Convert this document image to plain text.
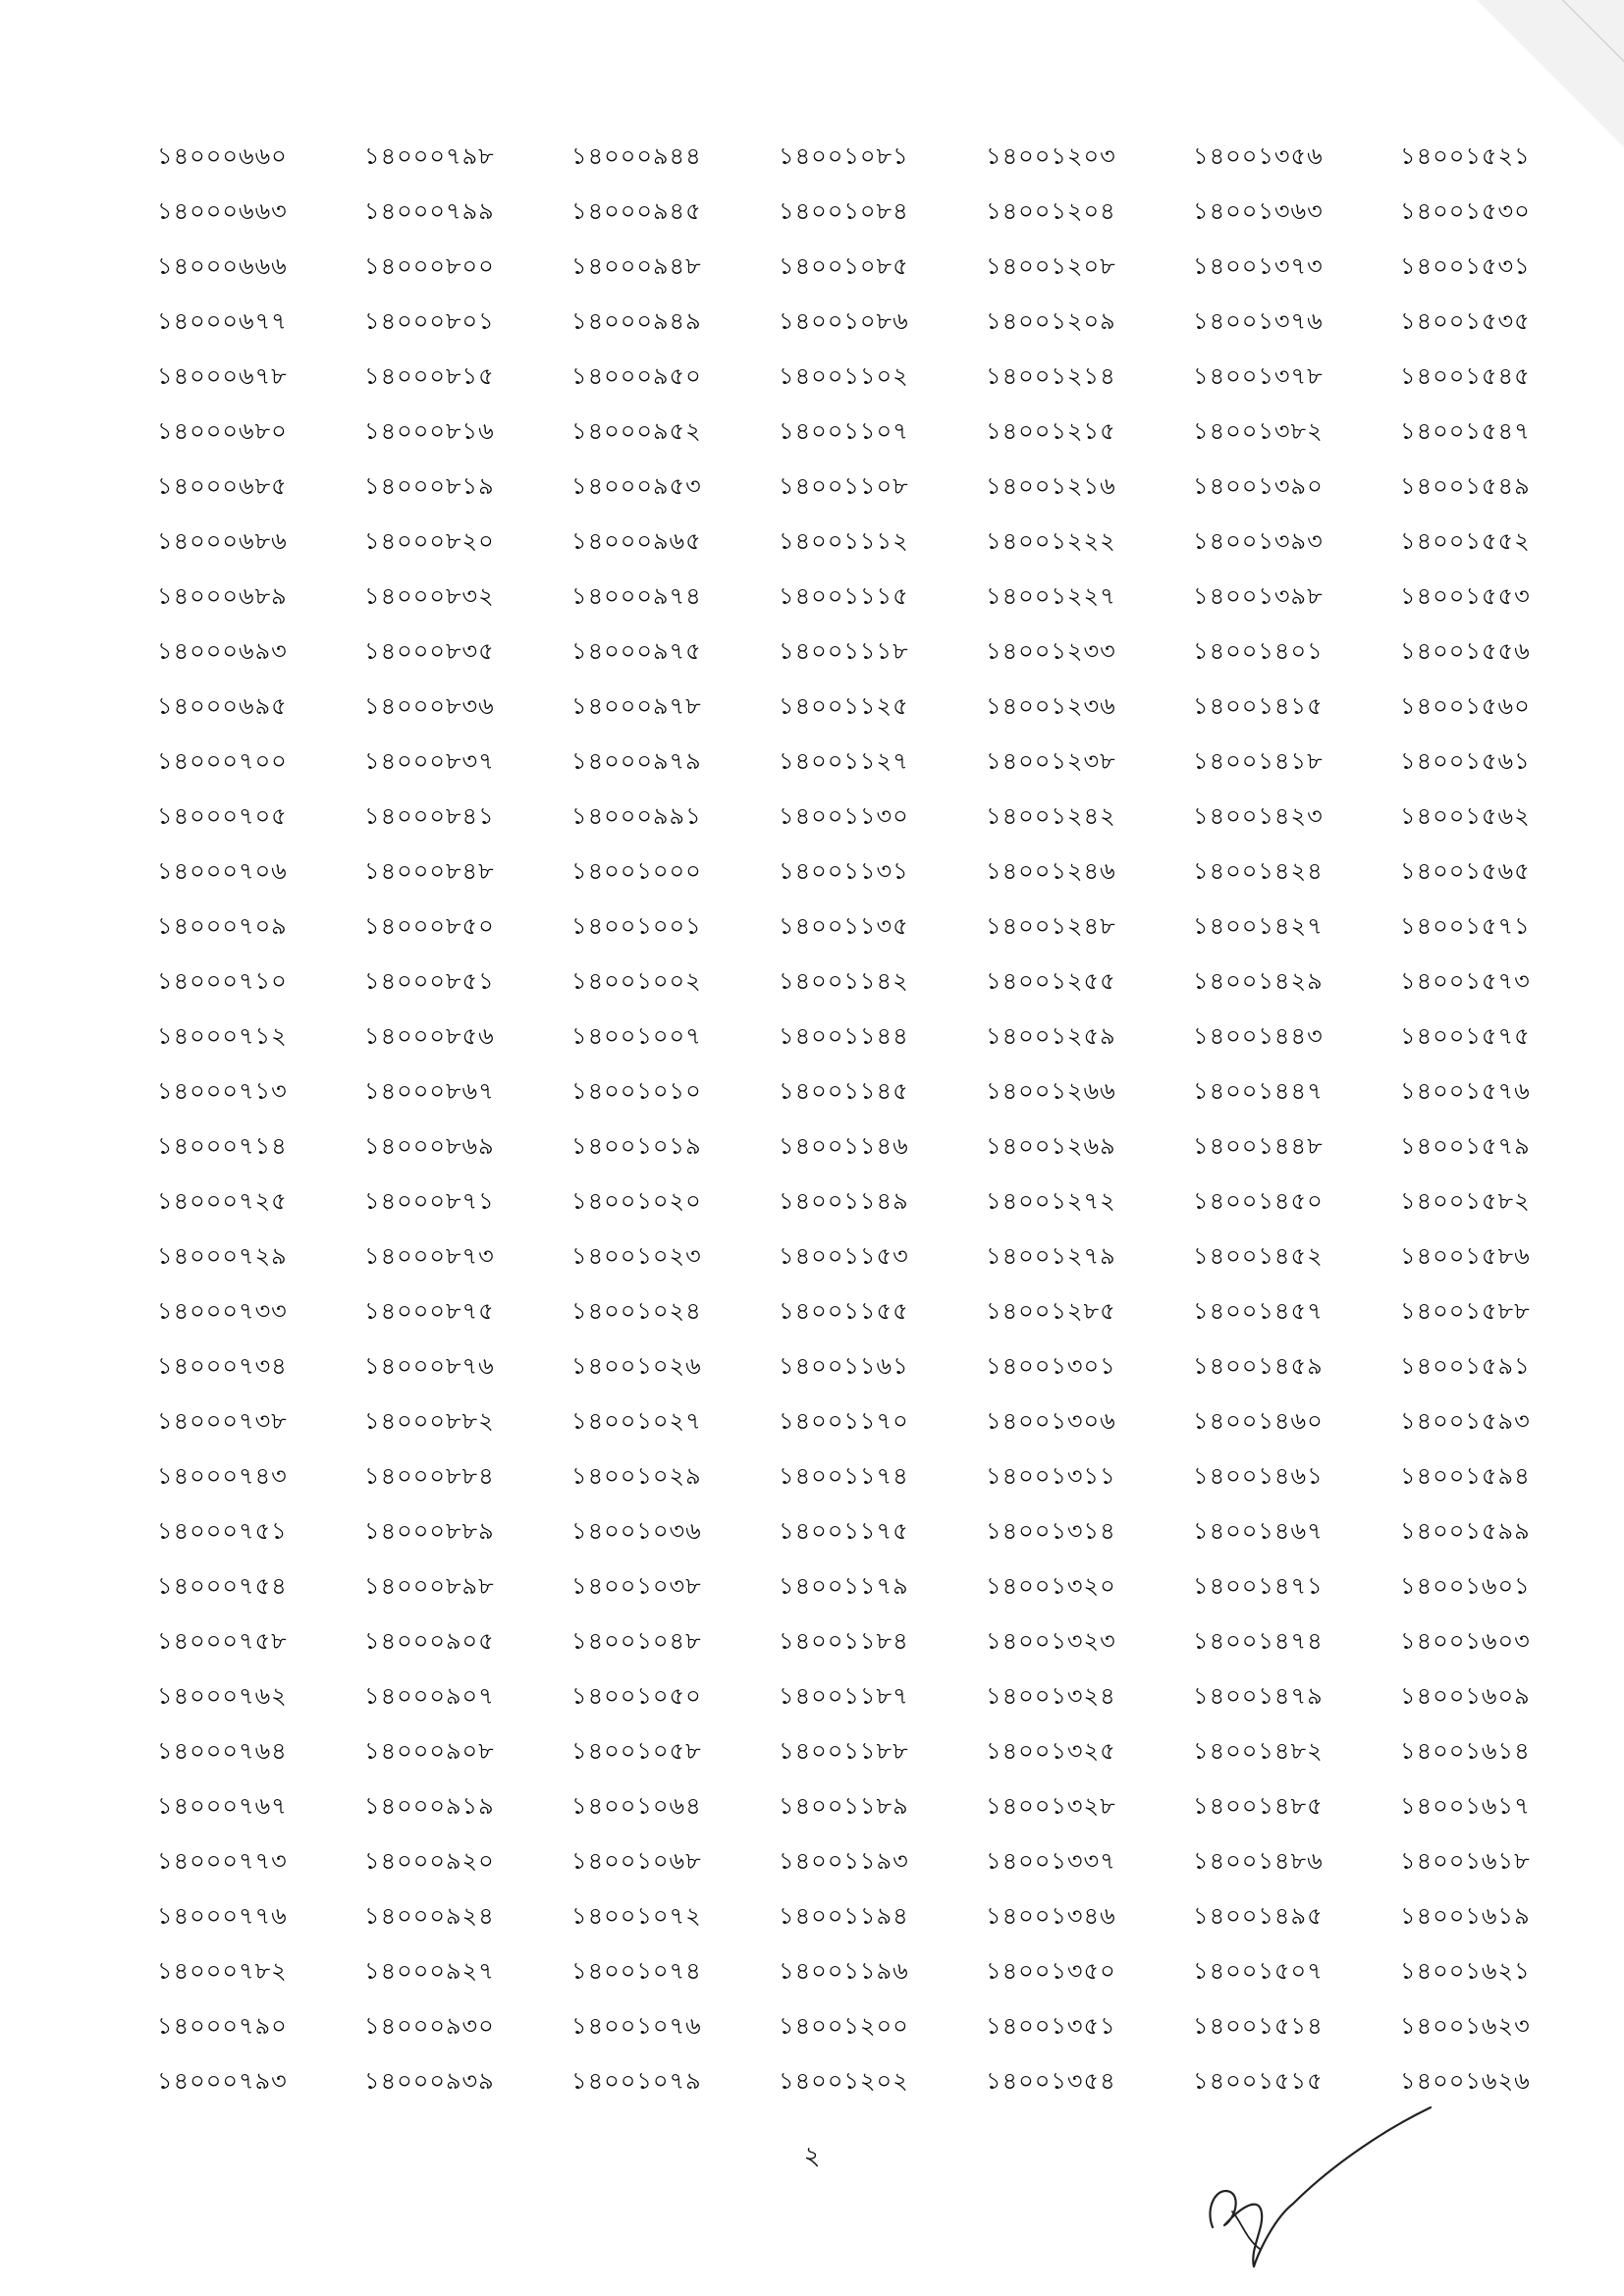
১৪০০০৬৬০	১৪০০০৭৯৮	১৪০০০৯৪৪	১৪০০১০৮১	১৪০০১২০৩	১৪০০১৩৫৬	১৪০০১৫২১
১৪০০০৬৬৩	১৪০০০৭৯৯	১৪০০০৯৪৫	১৪০০১০৮৪	১৪০০১২০৪	১৪০০১৩৬৩	১৪০০১৫৩০
১৪০০০৬৬৬	১৪০০০৮০০	১৪০০০৯৪৮	১৪০০১০৮৫	১৪০০১২০৮	১৪০০১৩৭৩	১৪০০১৫৩১
১৪০০০৬৭৭	১৪০০০৮০১	১৪০০০৯৪৯	১৪০০১০৮৬	১৪০০১২০৯	১৪০০১৩৭৬	১৪০০১৫৩৫
১৪০০০৬৭৮	১৪০০০৮১৫	১৪০০০৯৫০	১৪০০১১০২	১৪০০১২১৪	১৪০০১৩৭৮	১৪০০১৫৪৫
১৪০০০৬৮০	১৪০০০৮১৬	১৪০০০৯৫২	১৪০০১১০৭	১৪০০১২১৫	১৪০০১৩৮২	১৪০০১৫৪৭
১৪০০০৬৮৫	১৪০০০৮১৯	১৪০০০৯৫৩	১৪০০১১০৮	১৪০০১২১৬	১৪০০১৩৯০	১৪০০১৫৪৯
১৪০০০৬৮৬	১৪০০০৮২০	১৪০০০৯৬৫	১৪০০১১১২	১৪০০১২২২	১৪০০১৩৯৩	১৪০০১৫৫২
১৪০০০৬৮৯	১৪০০০৮৩২	১৪০০০৯৭৪	১৪০০১১১৫	১৪০০১২২৭	১৪০০১৩৯৮	১৪০০১৫৫৩
১৪০০০৬৯৩	১৪০০০৮৩৫	১৪০০০৯৭৫	১৪০০১১১৮	১৪০০১২৩৩	১৪০০১৪০১	১৪০০১৫৫৬
১৪০০০৬৯৫	১৪০০০৮৩৬	১৪০০০৯৭৮	১৪০০১১২৫	১৪০০১২৩৬	১৪০০১৪১৫	১৪০০১৫৬০
১৪০০০৭০০	১৪০০০৮৩৭	১৪০০০৯৭৯	১৪০০১১২৭	১৪০০১২৩৮	১৪০০১৪১৮	১৪০০১৫৬১
১৪০০০৭০৫	১৪০০০৮৪১	১৪০০০৯৯১	১৪০০১১৩০	১৪০০১২৪২	১৪০০১৪২৩	১৪০০১৫৬২
১৪০০০৭০৬	১৪০০০৮৪৮	১৪০০১০০০	১৪০০১১৩১	১৪০০১২৪৬	১৪০০১৪২৪	১৪০০১৫৬৫
১৪০০০৭০৯	১৪০০০৮৫০	১৪০০১০০১	১৪০০১১৩৫	১৪০০১২৪৮	১৪০০১৪২৭	১৪০০১৫৭১
১৪০০০৭১০	১৪০০০৮৫১	১৪০০১০০২	১৪০০১১৪২	১৪০০১২৫৫	১৪০০১৪২৯	১৪০০১৫৭৩
১৪০০০৭১২	১৪০০০৮৫৬	১৪০০১০০৭	১৪০০১১৪৪	১৪০০১২৫৯	১৪০০১৪৪৩	১৪০০১৫৭৫
১৪০০০৭১৩	১৪০০০৮৬৭	১৪০০১০১০	১৪০০১১৪৫	১৪০০১২৬৬	১৪০০১৪৪৭	১৪০০১৫৭৬
১৪০০০৭১৪	১৪০০০৮৬৯	১৪০০১০১৯	১৪০০১১৪৬	১৪০০১২৬৯	১৪০০১৪৪৮	১৪০০১৫৭৯
১৪০০০৭২৫	১৪০০০৮৭১	১৪০০১০২০	১৪০০১১৪৯	১৪০০১২৭২	১৪০০১৪৫০	১৪০০১৫৮২
১৪০০০৭২৯	১৪০০০৮৭৩	১৪০০১০২৩	১৪০০১১৫৩	১৪০০১২৭৯	১৪০০১৪৫২	১৪০০১৫৮৬
১৪০০০৭৩৩	১৪০০০৮৭৫	১৪০০১০২৪	১৪০০১১৫৫	১৪০০১২৮৫	১৪০০১৪৫৭	১৪০০১৫৮৮
১৪০০০৭৩৪	১৪০০০৮৭৬	১৪০০১০২৬	১৪০০১১৬১	১৪০০১৩০১	১৪০০১৪৫৯	১৪০০১৫৯১
১৪০০০৭৩৮	১৪০০০৮৮২	১৪০০১০২৭	১৪০০১১৭০	১৪০০১৩০৬	১৪০০১৪৬০	১৪০০১৫৯৩
১৪০০০৭৪৩	১৪০০০৮৮৪	১৪০০১০২৯	১৪০০১১৭৪	১৪০০১৩১১	১৪০০১৪৬১	১৪০০১৫৯৪
১৪০০০৭৫১	১৪০০০৮৮৯	১৪০০১০৩৬	১৪০০১১৭৫	১৪০০১৩১৪	১৪০০১৪৬৭	১৪০০১৫৯৯
১৪০০০৭৫৪	১৪০০০৮৯৮	১৪০০১০৩৮	১৪০০১১৭৯	১৪০০১৩২০	১৪০০১৪৭১	১৪০০১৬০১
১৪০০০৭৫৮	১৪০০০৯০৫	১৪০০১০৪৮	১৪০০১১৮৪	১৪০০১৩২৩	১৪০০১৪৭৪	১৪০০১৬০৩
১৪০০০৭৬২	১৪০০০৯০৭	১৪০০১০৫০	১৪০০১১৮৭	১৪০০১৩২৪	১৪০০১৪৭৯	১৪০০১৬০৯
১৪০০০৭৬৪	১৪০০০৯০৮	১৪০০১০৫৮	১৪০০১১৮৮	১৪০০১৩২৫	১৪০০১৪৮২	১৪০০১৬১৪
১৪০০০৭৬৭	১৪০০০৯১৯	১৪০০১০৬৪	১৪০০১১৮৯	১৪০০১৩২৮	১৪০০১৪৮৫	১৪০০১৬১৭
১৪০০০৭৭৩	১৪০০০৯২০	১৪০০১০৬৮	১৪০০১১৯৩	১৪০০১৩৩৭	১৪০০১৪৮৬	১৪০০১৬১৮
১৪০০০৭৭৬	১৪০০০৯২৪	১৪০০১০৭২	১৪০০১১৯৪	১৪০০১৩৪৬	১৪০০১৪৯৫	১৪০০১৬১৯
১৪০০০৭৮২	১৪০০০৯২৭	১৪০০১০৭৪	১৪০০১১৯৬	১৪০০১৩৫০	১৪০০১৫০৭	১৪০০১৬২১
১৪০০০৭৯০	১৪০০০৯৩০	১৪০০১০৭৬	১৪০০১২০০	১৪০০১৩৫১	১৪০০১৫১৪	১৪০০১৬২৩
১৪০০০৭৯৩	১৪০০০৯৩৯	১৪০০১০৭৯	১৪০০১২০২	১৪০০১৩৫৪	১৪০০১৫১৫	১৪০০১৬২৬
২
